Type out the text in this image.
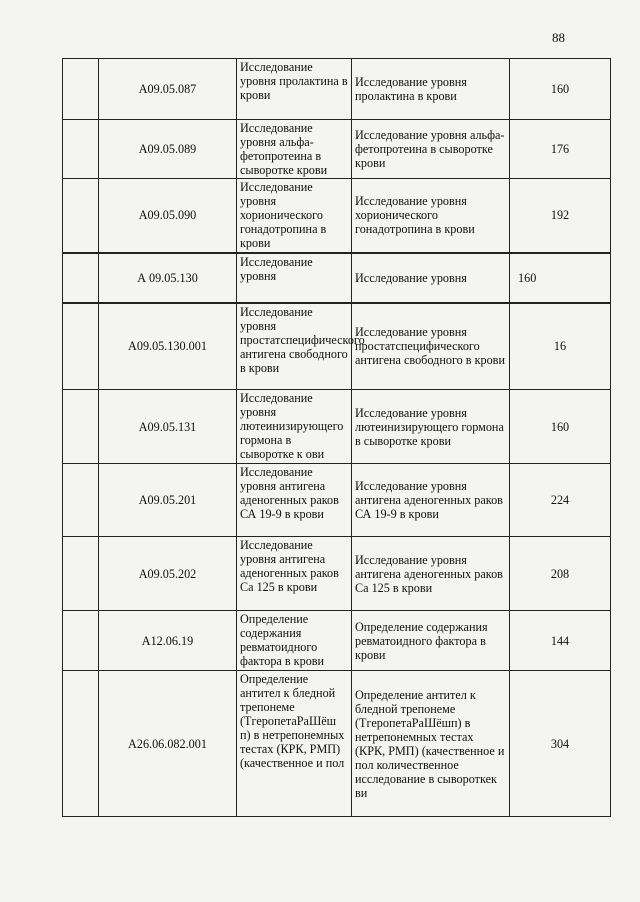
88
	А09.05.087	Исследование уровня пролактина в крови	Исследование уровня пролактина в крови	160
	А09.05.089	Исследование уровня альфа-фетопротеина в сыворотке крови	Исследование уровня альфа-фетопротеина в сыворотке крови	176
	А09.05.090	Исследование уровня хорионического гонадотропина в крови	Исследование уровня хорионического гонадотропина в крови	192
	А 09.05.130	Исследование уровня	Исследование уровня	160
	А09.05.130.001	Исследование уровня простатспецифического антигена свободного в крови	Исследование уровня простатспецифического антигена свободного в крови	16
	А09.05.131	Исследование уровня лютеинизирующего гормона в сыворотке к ови	Исследование уровня лютеинизирующего гормона в сыворотке крови	160
	А09.05.201	Исследование уровня антигена аденогенных раков СА 19-9 в крови	Исследование уровня антигена аденогенных раков СА 19-9 в крови	224
	А09.05.202	Исследование уровня антигена аденогенных раков Са 125 в крови	Исследование уровня антигена аденогенных раков Са 125 в крови	208
	А12.06.19	Определение содержания ревматоидного фактора в крови	Определение содержания ревматоидного фактора в крови	144
	А26.06.082.001	Определение антител к бледной трепонеме (ТгеропетаРаШёш п) в нетрепонемных тестах (КРК, РМП) (качественное и пол	Определение антител к бледной трепонеме (ТгеропетаРаШёшп) в нетрепонемных тестах (КРК, РМП) (качественное и пол количественное исследование в сывороткек ви	304
